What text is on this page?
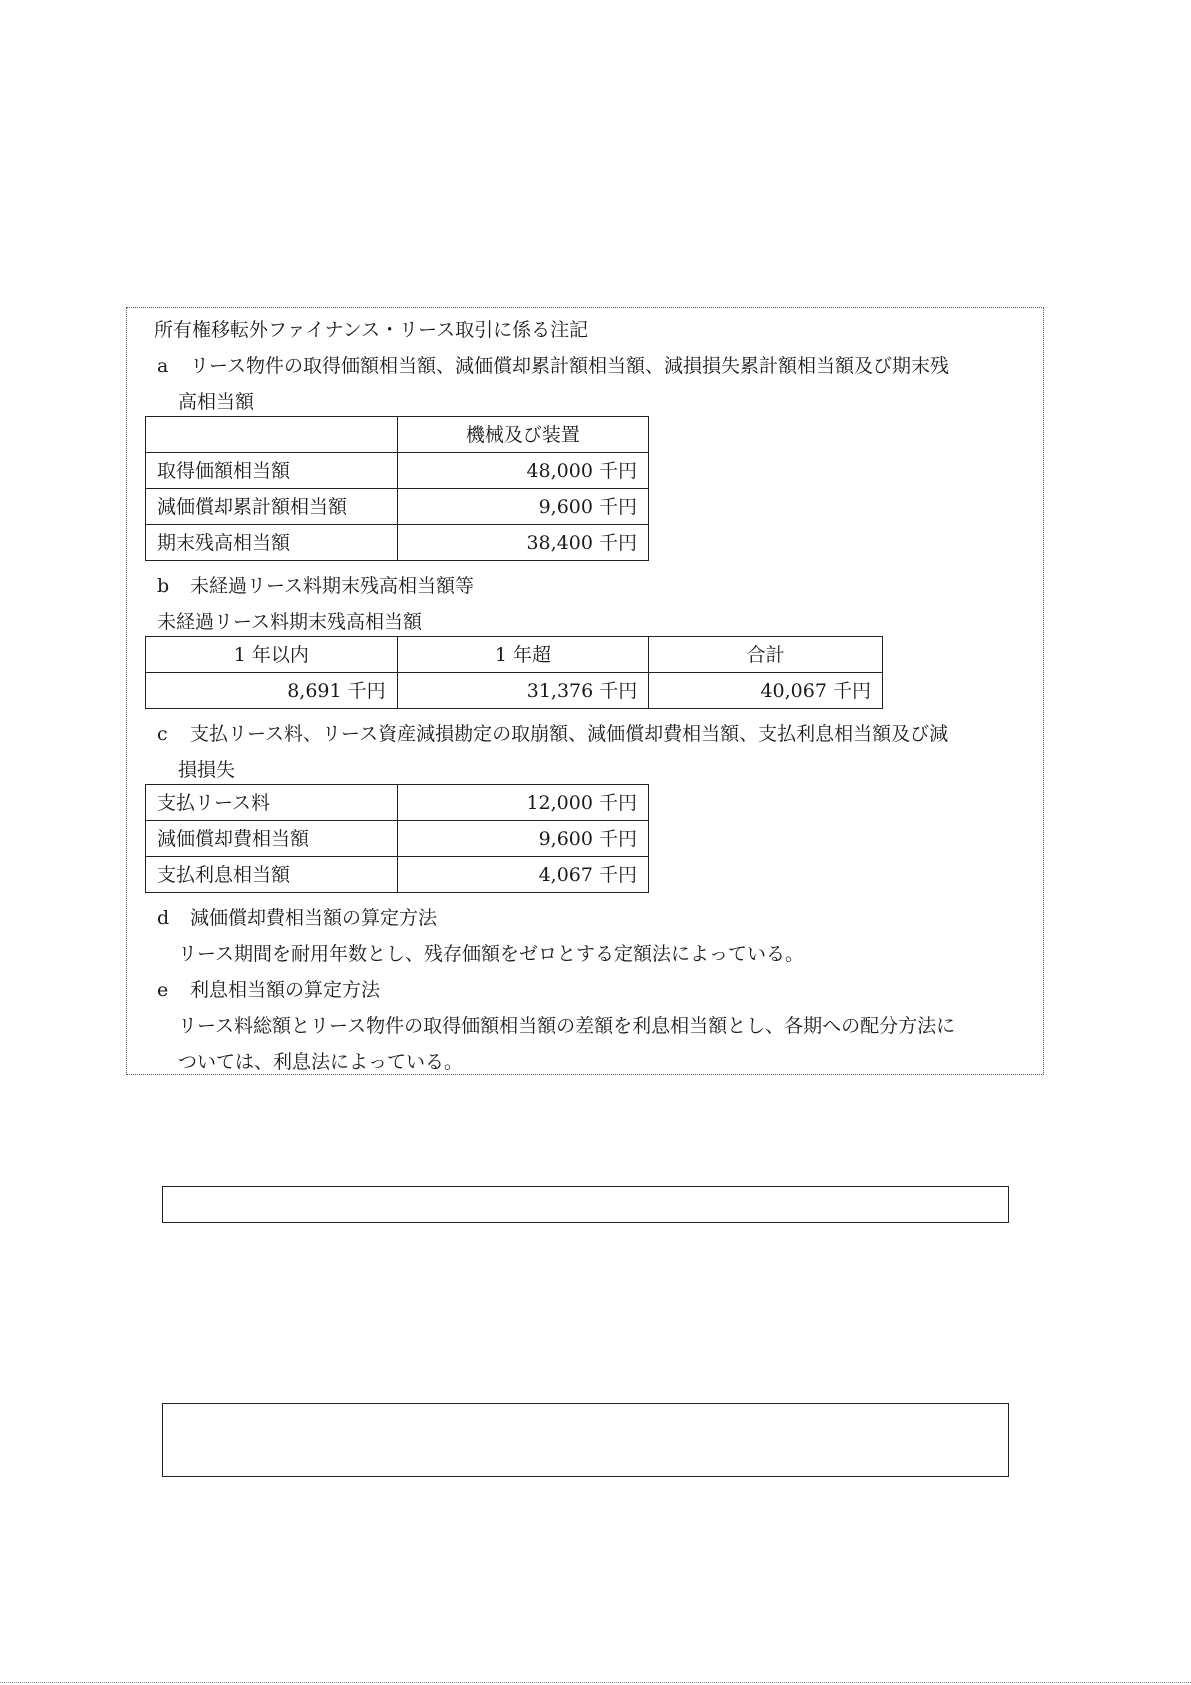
所有権移転外ファイナンス・リース取引に係る注記
a リース物件の取得価額相当額、減価償却累計額相当額、減損損失累計額相当額及び期末残
高相当額
	機械及び装置
取得価額相当額	48,000 千円
減価償却累計額相当額	9,600 千円
期末残高相当額	38,400 千円
b 未経過リース料期末残高相当額等
未経過リース料期末残高相当額
1 年以内	1 年超	合計
8,691 千円	31,376 千円	40,067 千円
c 支払リース料、リース資産減損勘定の取崩額、減価償却費相当額、支払利息相当額及び減
損損失
支払リース料	12,000 千円
減価償却費相当額	9,600 千円
支払利息相当額	4,067 千円
d 減価償却費相当額の算定方法
リース期間を耐用年数とし、残存価額をゼロとする定額法によっている。
e 利息相当額の算定方法
リース料総額とリース物件の取得価額相当額の差額を利息相当額とし、各期への配分方法に
ついては、利息法によっている。
